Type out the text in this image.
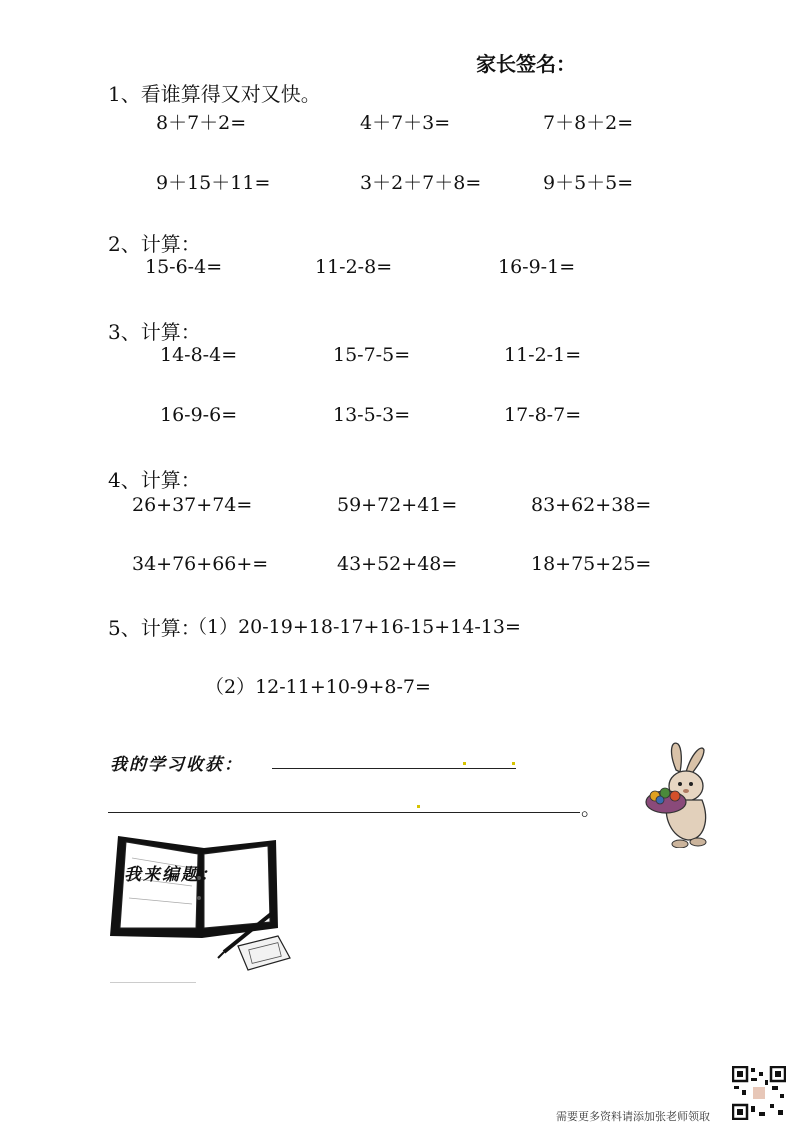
家长签名：
1、看谁算得又对又快。
8＋7＋2=	4＋7＋3=	7＋8＋2=
9＋15＋11=	3＋2＋7＋8=	9＋5＋5=
2、计算：
15-6-4=	11-2-8=	16-9-1=
3、计算：
14-8-4=	15-7-5=	11-2-1=
16-9-6=	13-5-3=	17-8-7=
4、计算：
26+37+74=	59+72+41=	83+62+38=
34+76+66+=	43+52+48=	18+75+25=
5、计算：
（1）20-19+18-17+16-15+14-13=
（2）12-11+10-9+8-7=
我的学习收获：
。
我来编题：
需要更多资料请添加张老师领取
